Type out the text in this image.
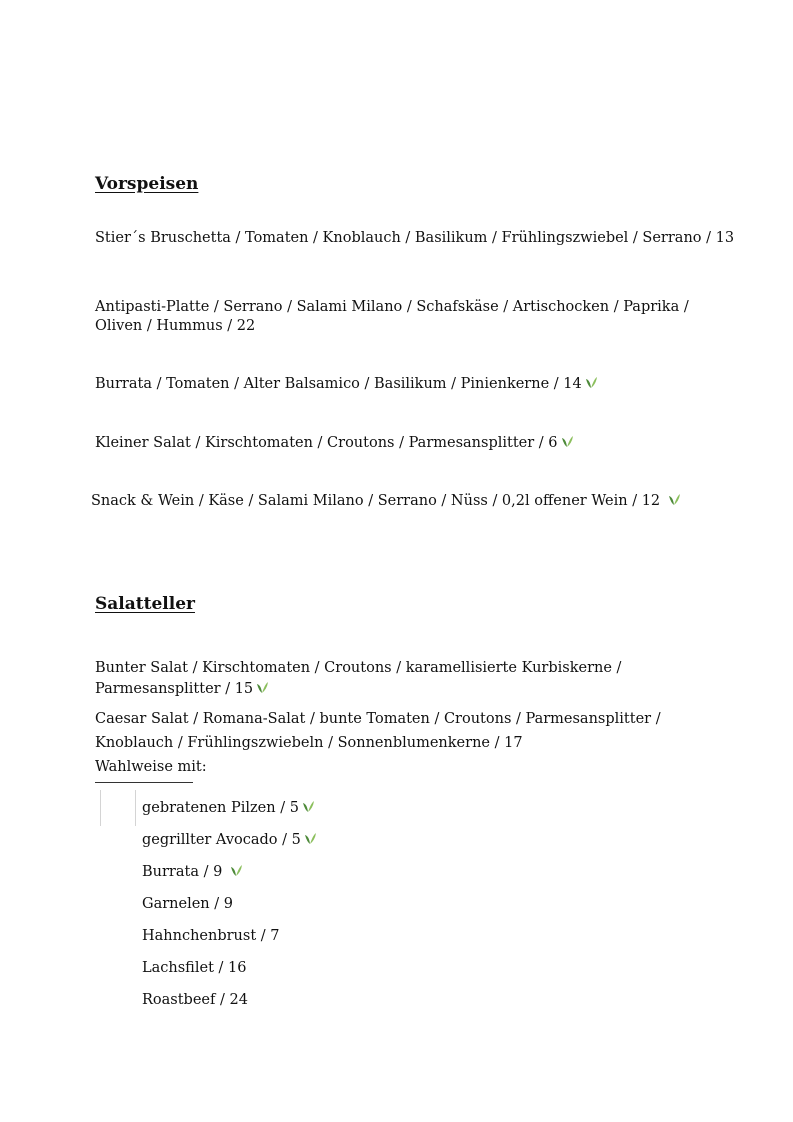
Vorspeisen
Stier´s Bruschetta / Tomaten / Knoblauch / Basilikum / Frühlingszwiebel / Serrano / 13
Antipasti-Platte / Serrano / Salami Milano / Schafskäse / Artischocken / Paprika /
Oliven / Hummus / 22
Burrata / Tomaten / Alter Balsamico / Basilikum / Pinienkerne / 14
Kleiner Salat / Kirschtomaten / Croutons / Parmesansplitter / 6
Snack & Wein / Käse / Salami Milano / Serrano / Nüss / 0,2l offener Wein / 12
Salatteller
Bunter Salat / Kirschtomaten / Croutons / karamellisierte Kurbiskerne /
Parmesansplitter / 15
Caesar Salat / Romana-Salat / bunte Tomaten / Croutons / Parmesansplitter /
Knoblauch / Frühlingszwiebeln / Sonnenblumenkerne / 17
Wahlweise mit:
gebratenen Pilzen / 5
gegrillter Avocado / 5
Burrata / 9
Garnelen / 9
Hahnchenbrust / 7
Lachsfilet / 16
Roastbeef / 24
